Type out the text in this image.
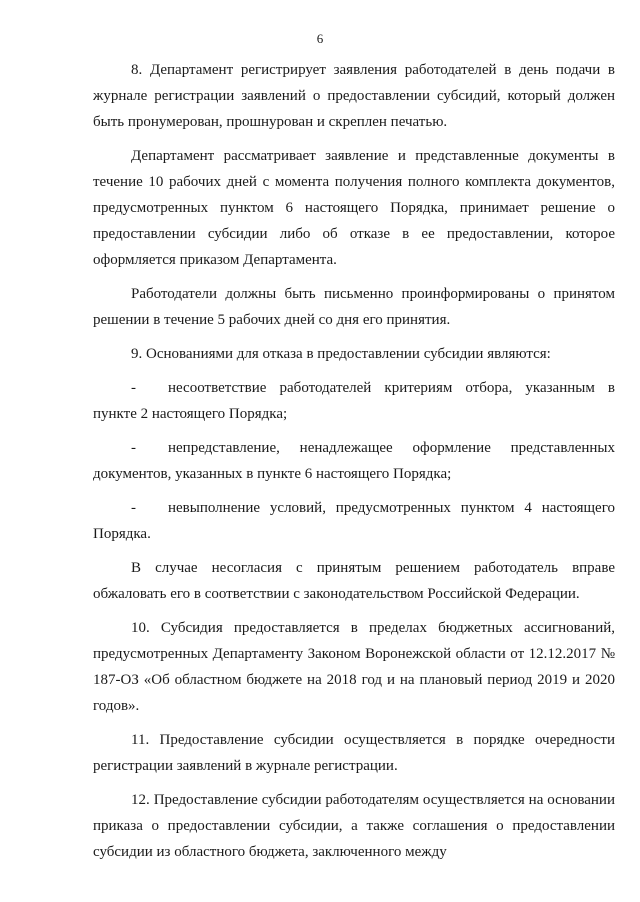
6

8. Департамент регистрирует заявления работодателей в день подачи в журнале регистрации заявлений о предоставлении субсидий, который должен быть пронумерован, прошнурован и скреплен печатью.

Департамент рассматривает заявление и представленные документы в течение 10 рабочих дней с момента получения полного комплекта документов, предусмотренных пунктом 6 настоящего Порядка, принимает решение о предоставлении субсидии либо об отказе в ее предоставлении, которое оформляется приказом Департамента.

Работодатели должны быть письменно проинформированы о принятом решении в течение 5 рабочих дней со дня его принятия.

9. Основаниями для отказа в предоставлении субсидии являются:

- несоответствие работодателей критериям отбора, указанным в пункте 2 настоящего Порядка;

- непредставление, ненадлежащее оформление представленных документов, указанных в пункте 6 настоящего Порядка;

- невыполнение условий, предусмотренных пунктом 4 настоящего Порядка.

В случае несогласия с принятым решением работодатель вправе обжаловать его в соответствии с законодательством Российской Федерации.

10. Субсидия предоставляется в пределах бюджетных ассигнований, предусмотренных Департаменту Законом Воронежской области от 12.12.2017 № 187-ОЗ «Об областном бюджете на 2018 год и на плановый период 2019 и 2020 годов».

11. Предоставление субсидии осуществляется в порядке очередности регистрации заявлений в журнале регистрации.

12. Предоставление субсидии работодателям осуществляется на основании приказа о предоставлении субсидии, а также соглашения о предоставлении субсидии из областного бюджета, заключенного между
